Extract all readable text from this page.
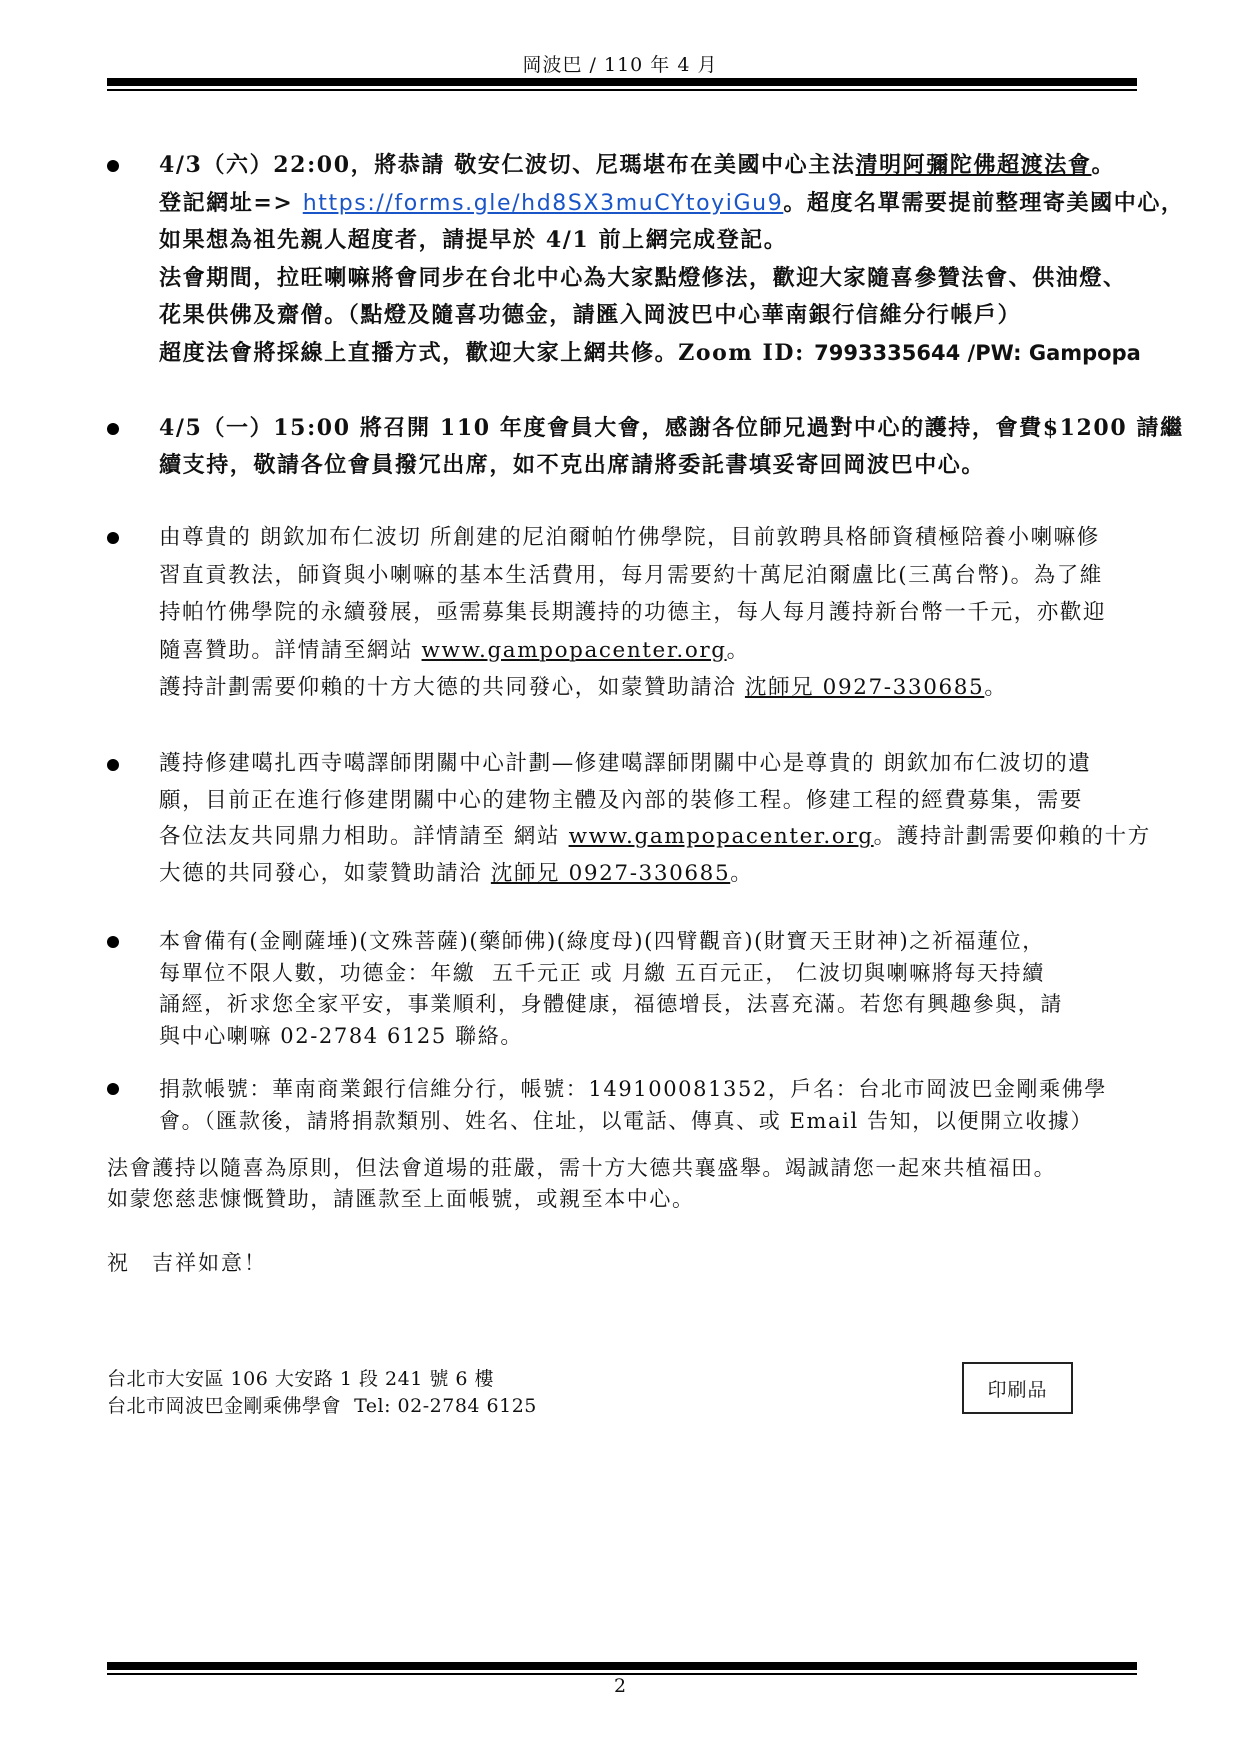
岡波巴 / 110 年 4 月
4/3（六）22:00，將恭請 敬安仁波切、尼瑪堪布在美國中心主法清明阿彌陀佛超渡法會。
登記網址=> https://forms.gle/hd8SX3muCYtoyiGu9。超度名單需要提前整理寄美國中心，
如果想為祖先親人超度者，請提早於 4/1 前上網完成登記。
法會期間，拉旺喇嘛將會同步在台北中心為大家點燈修法，歡迎大家隨喜參贊法會、供油燈、
花果供佛及齋僧。（點燈及隨喜功德金，請匯入岡波巴中心華南銀行信維分行帳戶）
超度法會將採線上直播方式，歡迎大家上網共修。Zoom ID: 7993335644 /PW: Gampopa
4/5（一）15:00 將召開 110 年度會員大會，感謝各位師兄過對中心的護持，會費$1200 請繼
續支持，敬請各位會員撥冗出席，如不克出席請將委託書填妥寄回岡波巴中心。
由尊貴的 朗欽加布仁波切 所創建的尼泊爾帕竹佛學院，目前敦聘具格師資積極陪養小喇嘛修
習直貢教法，師資與小喇嘛的基本生活費用，每月需要約十萬尼泊爾盧比(三萬台幣)。為了維
持帕竹佛學院的永續發展，亟需募集長期護持的功德主，每人每月護持新台幣一千元，亦歡迎
隨喜贊助。詳情請至網站 www.gampopacenter.org。
護持計劃需要仰賴的十方大德的共同發心，如蒙贊助請洽 沈師兄 0927-330685。
護持修建噶扎西寺噶譯師閉關中心計劃—修建噶譯師閉關中心是尊貴的 朗欽加布仁波切的遺
願，目前正在進行修建閉關中心的建物主體及內部的裝修工程。修建工程的經費募集，需要
各位法友共同鼎力相助。詳情請至 網站 www.gampopacenter.org。護持計劃需要仰賴的十方
大德的共同發心，如蒙贊助請洽 沈師兄 0927-330685。
本會備有(金剛薩埵)(文殊菩薩)(藥師佛)(綠度母)(四臂觀音)(財寶天王財神)之祈福蓮位，
每單位不限人數，功德金：年繳  五千元正 或 月繳 五百元正， 仁波切與喇嘛將每天持續
誦經，祈求您全家平安，事業順利，身體健康，福德增長，法喜充滿。若您有興趣參與，請
與中心喇嘛 02-2784 6125 聯絡。
捐款帳號：華南商業銀行信維分行，帳號：149100081352，戶名：台北市岡波巴金剛乘佛學
會。（匯款後，請將捐款類別、姓名、住址，以電話、傳真、或 Email 告知，以便開立收據）
法會護持以隨喜為原則，但法會道場的莊嚴，需十方大德共襄盛舉。竭誠請您一起來共植福田。
如蒙您慈悲慷慨贊助，請匯款至上面帳號，或親至本中心。
祝 吉祥如意！
台北市大安區 106 大安路 1 段 241 號 6 樓
台北市岡波巴金剛乘佛學會  Tel: 02-2784 6125
印刷品
2
